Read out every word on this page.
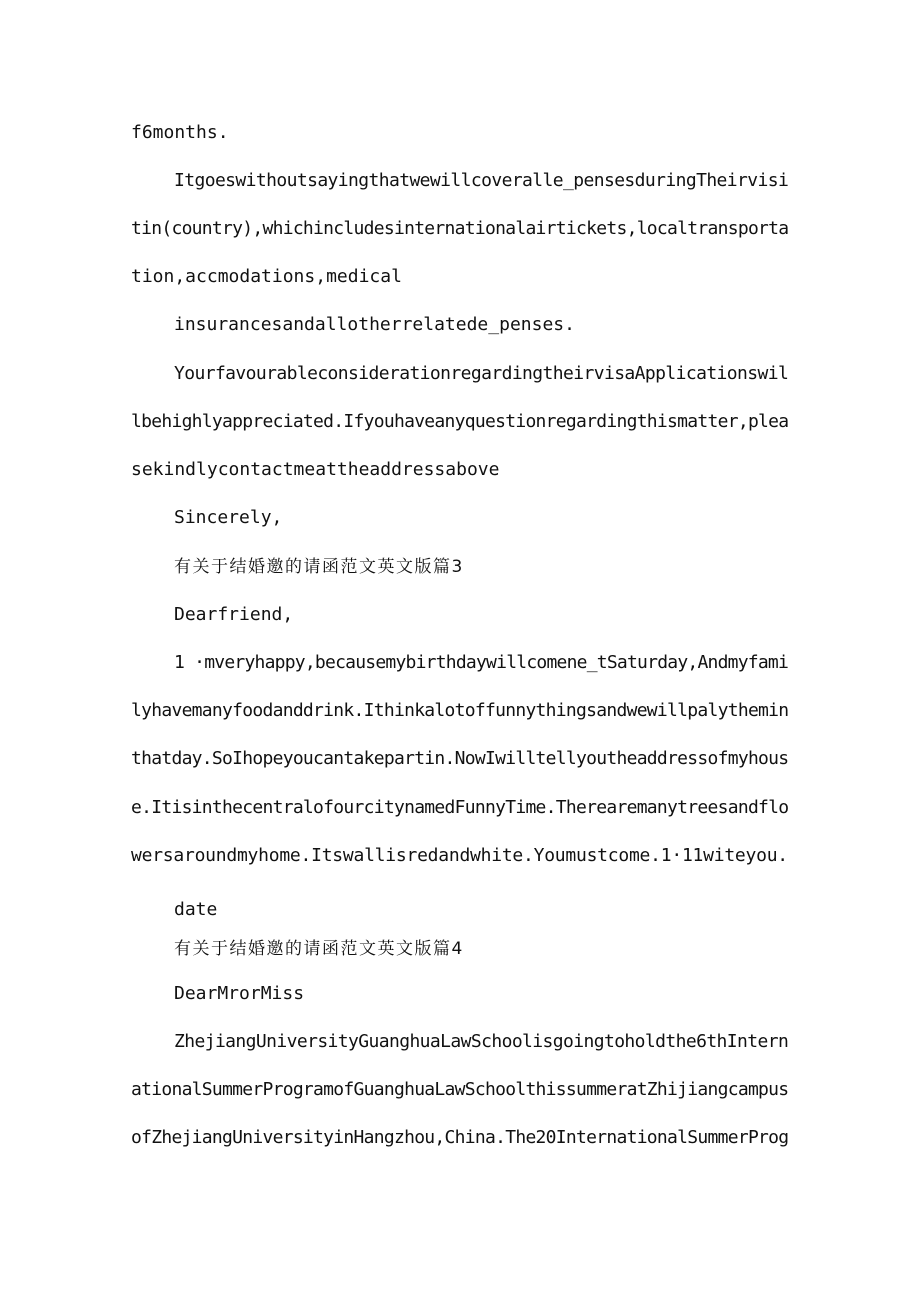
f6months.
Itgoeswithoutsayingthatwewillcoveralle_pensesduringTheirvisi
tin(country),whichincludesinternationalairtickets,localtransporta
tion,accmodations,medical
insurancesandallotherrelatede_penses.
YourfavourableconsiderationregardingtheirvisaApplicationswil
lbehighlyappreciated.Ifyouhaveanyquestionregardingthismatter,plea
sekindlycontactmeattheaddressabove
Sincerely,
有关于结婚邀的请函范文英文版篇3
Dearfriend,
1 ·mveryhappy,becausemybirthdaywillcomene_tSaturday,Andmyfami
lyhavemanyfoodanddrink.Ithinkalotoffunnythingsandwewillpalythemin
thatday.SoIhopeyoucantakepartin.NowIwilltellyoutheaddressofmyhous
e.ItisinthecentralofourcitynamedFunnyTime.Therearemanytreesandflo
wersaroundmyhome.Itswallisredandwhite.Youmustcome.1·11witeyou.
date
有关于结婚邀的请函范文英文版篇4
DearMrorMiss
ZhejiangUniversityGuanghuaLawSchoolisgoingtoholdthe6thIntern
ationalSummerProgramofGuanghuaLawSchoolthissummeratZhijiangcampus
ofZhejiangUniversityinHangzhou,China.The20InternationalSummerProg
